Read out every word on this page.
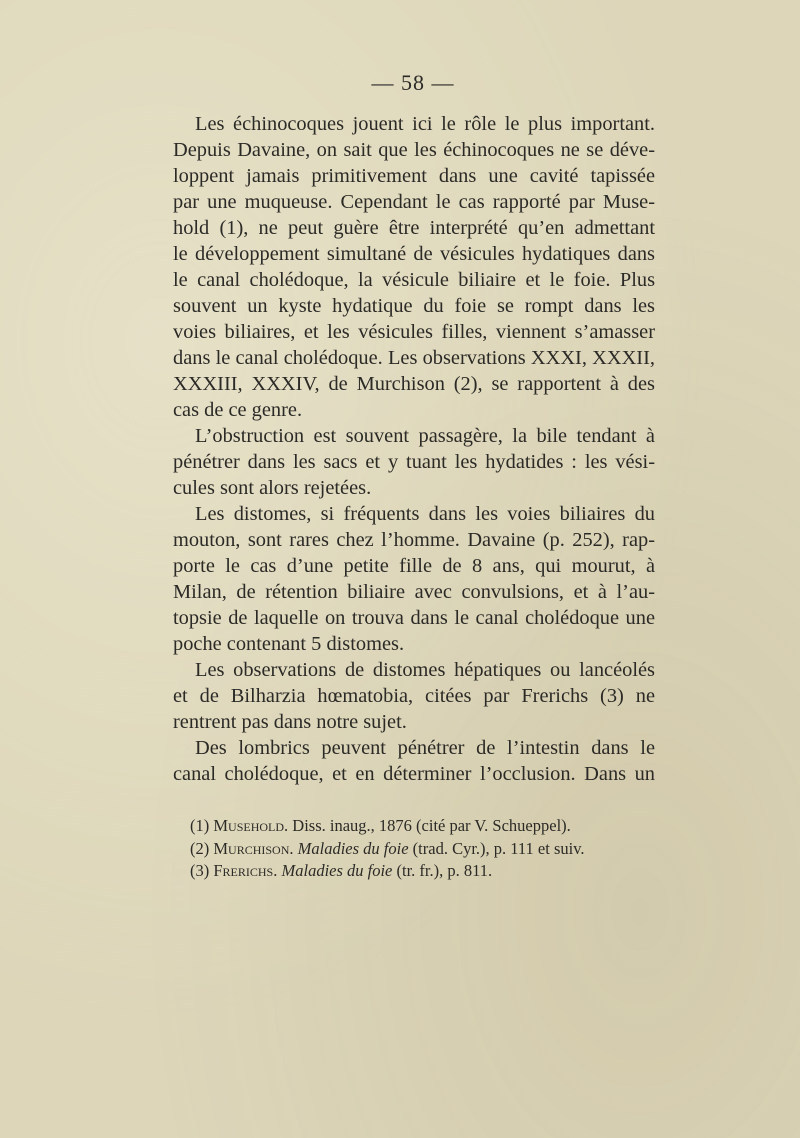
— 58 —
Les échinocoques jouent ici le rôle le plus important.
Depuis Davaine, on sait que les échinocoques ne se déve-
loppent jamais primitivement dans une cavité tapissée
par une muqueuse. Cependant le cas rapporté par Muse-
hold (1), ne peut guère être interprété qu’en admettant
le développement simultané de vésicules hydatiques dans
le canal cholédoque, la vésicule biliaire et le foie. Plus
souvent un kyste hydatique du foie se rompt dans les
voies biliaires, et les vésicules filles, viennent s’amasser
dans le canal cholédoque. Les observations XXXI, XXXII,
XXXIII, XXXIV, de Murchison (2), se rapportent à des
cas de ce genre.
L’obstruction est souvent passagère, la bile tendant à
pénétrer dans les sacs et y tuant les hydatides : les vési-
cules sont alors rejetées.
Les distomes, si fréquents dans les voies biliaires du
mouton, sont rares chez l’homme. Davaine (p. 252), rap-
porte le cas d’une petite fille de 8 ans, qui mourut, à
Milan, de rétention biliaire avec convulsions, et à l’au-
topsie de laquelle on trouva dans le canal cholédoque une
poche contenant 5 distomes.
Les observations de distomes hépatiques ou lancéolés
et de Bilharzia hœmatobia, citées par Frerichs (3) ne
rentrent pas dans notre sujet.
Des lombrics peuvent pénétrer de l’intestin dans le
canal cholédoque, et en déterminer l’occlusion. Dans un
(1) Musehold. Diss. inaug., 1876 (cité par V. Schueppel).
(2) Murchison. Maladies du foie (trad. Cyr.), p. 111 et suiv.
(3) Frerichs. Maladies du foie (tr. fr.), p. 811.
